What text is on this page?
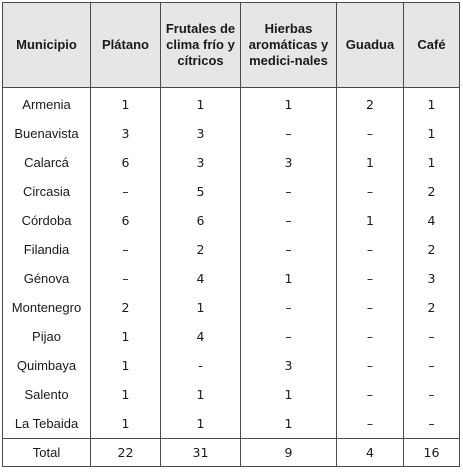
Municipio	Plátano	Frutales de clima frío y cítricos	Hierbas aromáticas y medici-nales	Guadua	Café
Armenia	1	1	1	2	1
Buenavista	3	3	–	–	1
Calarcá	6	3	3	1	1
Circasia	–	5	–	–	2
Córdoba	6	6	–	1	4
Filandia	–	2	–	–	2
Génova	–	4	1	–	3
Montenegro	2	1	–	–	2
Pijao	1	4	–	–	–
Quimbaya	1	-	3	–	–
Salento	1	1	1	–	–
La Tebaida	1	1	1	–	–
Total	22	31	9	4	16
